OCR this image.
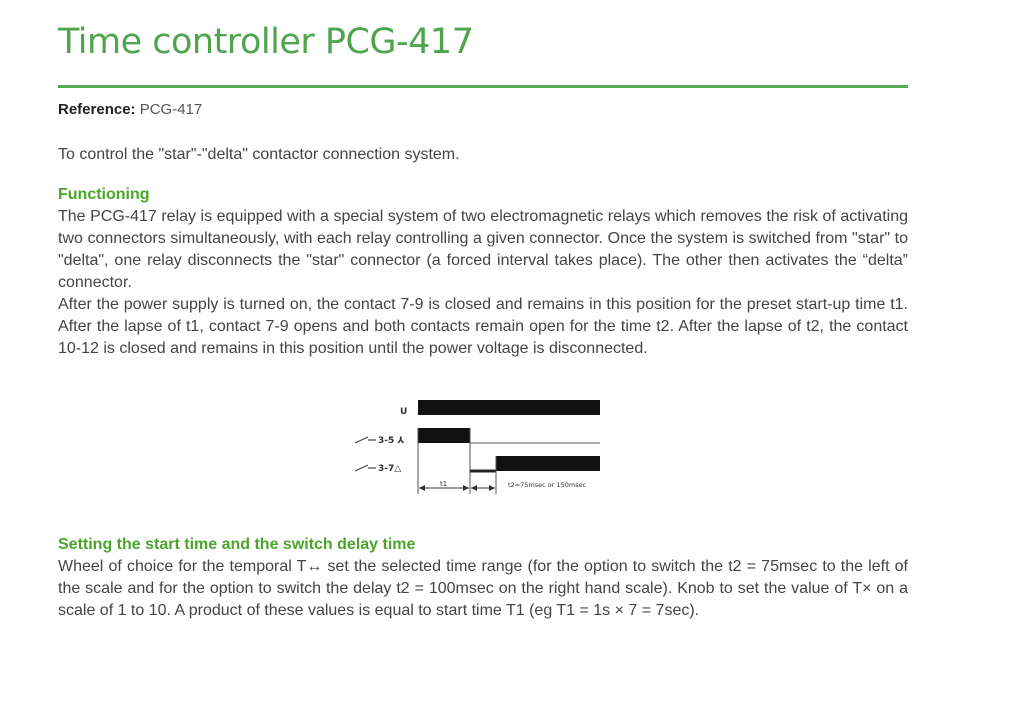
Time controller PCG-417
Reference: PCG-417
To control the "star"-"delta" contactor connection system.
Functioning

The PCG-417 relay is equipped with a special system of two electromagnetic relays which removes the risk of activating two connectors simultaneously, with each relay controlling a given connector. Once the system is switched from "star" to "delta", one relay disconnects the "star" connector (a forced interval takes place). The other then activates the “delta” connector.

After the power supply is turned on, the contact 7-9 is closed and remains in this position for the preset start-up time t1. After the lapse of t1, contact 7-9 opens and both contacts remain open for the time t2. After the lapse of t2, the contact 10-12 is closed and remains in this position until the power voltage is disconnected.

Setting the start time and the switch delay time

Wheel of choice for the temporal T↔ set the selected time range (for the option to switch the t2 = 75msec to the left of the scale and for the option to switch the delay t2 = 100msec on the right hand scale). Knob to set the value of T× on a scale of 1 to 10. A product of these values is equal to start time T1 (eg T1 = 1s × 7 = 7sec).

U
3-5 ⅄
3-7△
t1	t2=75msec or 150msec
